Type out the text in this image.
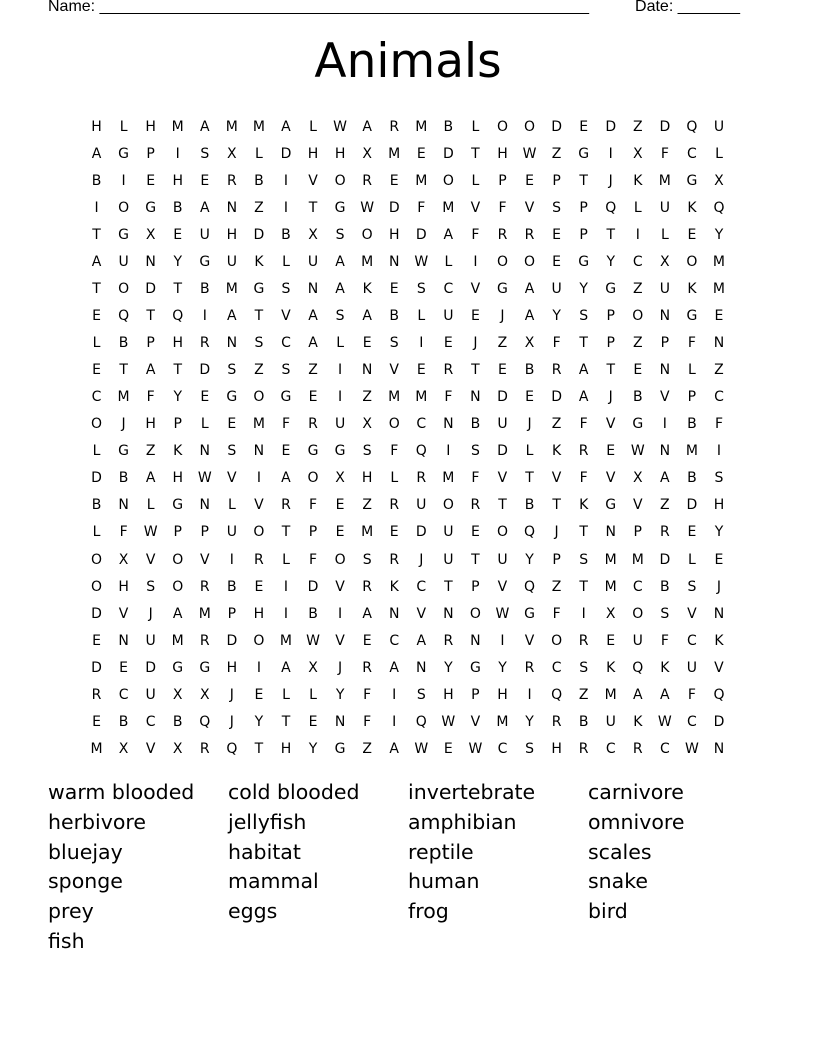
Name: _______________________________________________________	Date: _______
Animals
H	L	H	M	A	M	M	A	L	W	A	R	M	B	L	O	O	D	E	D	Z	D	Q	U
A	G	P	I	S	X	L	D	H	H	X	M	E	D	T	H	W	Z	G	I	X	F	C	L
B	I	E	H	E	R	B	I	V	O	R	E	M	O	L	P	E	P	T	J	K	M	G	X
I	O	G	B	A	N	Z	I	T	G	W	D	F	M	V	F	V	S	P	Q	L	U	K	Q
T	G	X	E	U	H	D	B	X	S	O	H	D	A	F	R	R	E	P	T	I	L	E	Y
A	U	N	Y	G	U	K	L	U	A	M	N	W	L	I	O	O	E	G	Y	C	X	O	M
T	O	D	T	B	M	G	S	N	A	K	E	S	C	V	G	A	U	Y	G	Z	U	K	M
E	Q	T	Q	I	A	T	V	A	S	A	B	L	U	E	J	A	Y	S	P	O	N	G	E
L	B	P	H	R	N	S	C	A	L	E	S	I	E	J	Z	X	F	T	P	Z	P	F	N
E	T	A	T	D	S	Z	S	Z	I	N	V	E	R	T	E	B	R	A	T	E	N	L	Z
C	M	F	Y	E	G	O	G	E	I	Z	M	M	F	N	D	E	D	A	J	B	V	P	C
O	J	H	P	L	E	M	F	R	U	X	O	C	N	B	U	J	Z	F	V	G	I	B	F
L	G	Z	K	N	S	N	E	G	G	S	F	Q	I	S	D	L	K	R	E	W	N	M	I
D	B	A	H	W	V	I	A	O	X	H	L	R	M	F	V	T	V	F	V	X	A	B	S
B	N	L	G	N	L	V	R	F	E	Z	R	U	O	R	T	B	T	K	G	V	Z	D	H
L	F	W	P	P	U	O	T	P	E	M	E	D	U	E	O	Q	J	T	N	P	R	E	Y
O	X	V	O	V	I	R	L	F	O	S	R	J	U	T	U	Y	P	S	M	M	D	L	E
O	H	S	O	R	B	E	I	D	V	R	K	C	T	P	V	Q	Z	T	M	C	B	S	J
D	V	J	A	M	P	H	I	B	I	A	N	V	N	O	W	G	F	I	X	O	S	V	N
E	N	U	M	R	D	O	M	W	V	E	C	A	R	N	I	V	O	R	E	U	F	C	K
D	E	D	G	G	H	I	A	X	J	R	A	N	Y	G	Y	R	C	S	K	Q	K	U	V
R	C	U	X	X	J	E	L	L	Y	F	I	S	H	P	H	I	Q	Z	M	A	A	F	Q
E	B	C	B	Q	J	Y	T	E	N	F	I	Q	W	V	M	Y	R	B	U	K	W	C	D
M	X	V	X	R	Q	T	H	Y	G	Z	A	W	E	W	C	S	H	R	C	R	C	W	N
warm blooded	cold blooded	invertebrate	carnivore
herbivore	jellyfish	amphibian	omnivore
bluejay	habitat	reptile	scales
sponge	mammal	human	snake
prey	eggs	frog	bird
fish
